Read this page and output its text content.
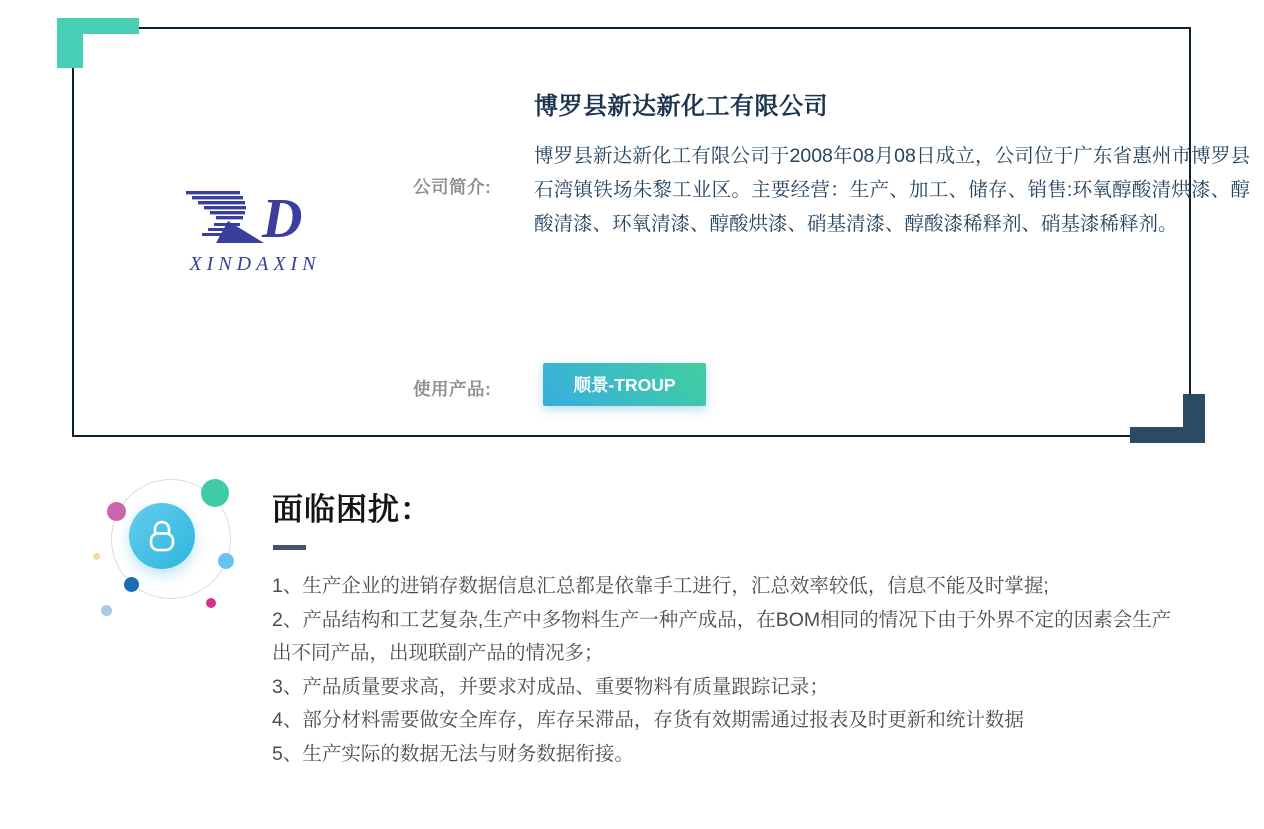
公司简介:
博罗县新达新化工有限公司

博罗县新达新化工有限公司于2008年08月08日成立，公司位于广东省惠州市博罗县石湾镇铁场朱黎工业区。主要经营：生产、加工、储存、销售:环氧醇酸清烘漆、醇酸清漆、环氧清漆、醇酸烘漆、硝基清漆、醇酸漆稀释剂、硝基漆稀释剂。

使用产品:	顺景-TROUP
D
XINDAXIN
面临困扰：
1、生产企业的进销存数据信息汇总都是依靠手工进行，汇总效率较低，信息不能及时掌握;
2、产品结构和工艺复杂,生产中多物料生产一种产成品，在BOM相同的情况下由于外界不定的因素会生产出不同产品，出现联副产品的情况多；
3、产品质量要求高，并要求对成品、重要物料有质量跟踪记录；
4、部分材料需要做安全库存，库存呆滞品，存货有效期需通过报表及时更新和统计数据
5、生产实际的数据无法与财务数据衔接。
